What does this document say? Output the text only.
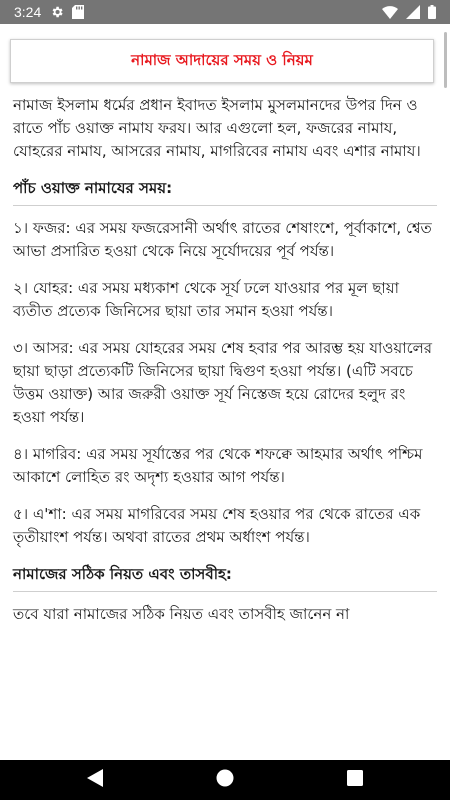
3:24
নামাজ আদায়ের সময় ও নিয়ম

নামাজ ইসলাম ধর্মের প্রধান ইবাদত ইসলাম মুসলমানদের উপর দিন ও রাতে পাঁচ ওয়াক্ত নামায ফরয। আর এগুলো হল, ফজরের নামায, যোহরের নামায, আসরের নামায, মাগরিবের নামায এবং এশার নামায।

পাঁচ ওয়াক্ত নামাযের সময়:

১। ফজর: এর সময় ফজরেসানী অর্থাৎ রাতের শেষাংশে, পূর্বাকাশে, শ্বেত আভা প্রসারিত হওয়া থেকে নিয়ে সূর্যোদয়ের পূর্ব পর্যন্ত।

২। যোহর: এর সময় মধ্যকাশ থেকে সূর্য ঢলে যাওয়ার পর মূল ছায়া ব্যতীত প্রত্যেক জিনিসের ছায়া তার সমান হওয়া পর্যন্ত।

৩। আসর: এর সময় যোহরের সময় শেষ হবার পর আরম্ভ হয় যাওয়ালের ছায়া ছাড়া প্রত্যেকটি জিনিসের ছায়া দ্বিগুণ হওয়া পর্যন্ত। (এটি সবচে উত্তম ওয়াক্ত) আর জরুরী ওয়াক্ত সূর্য নিস্তেজ হয়ে রোদের হলুদ রং হওয়া পর্যন্ত।

৪। মাগরিব: এর সময় সূর্যাস্তের পর থেকে শফক্বে আহমার অর্থাৎ পশ্চিম আকাশে লোহিত রং অদৃশ্য হওয়ার আগ পর্যন্ত।

৫। এ'শা: এর সময় মাগরিবের সময় শেষ হওয়ার পর থেকে রাতের এক তৃতীয়াংশ পর্যন্ত। অথবা রাতের প্রথম অর্ধাংশ পর্যন্ত।

নামাজের সঠিক নিয়ত এবং তাসবীহ:

তবে যারা নামাজের সঠিক নিয়ত এবং তাসবীহ জানেন না
